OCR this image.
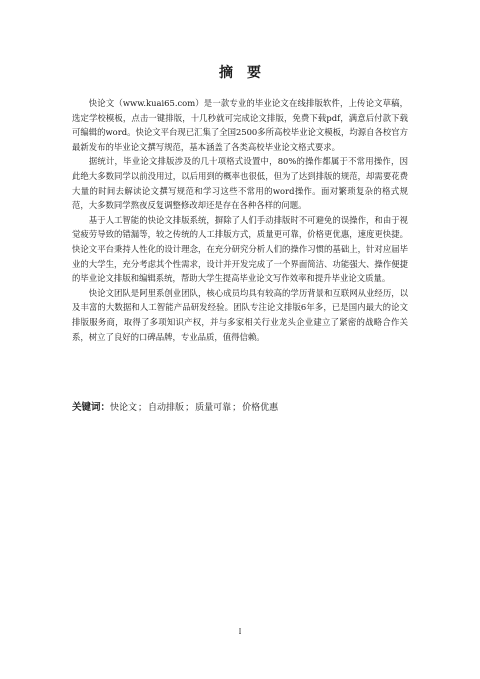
摘要

快论文（www.kuai65.com）是一款专业的毕业论文在线排版软件，上传论文草稿，选定学校模板，点击一键排版，十几秒就可完成论文排版，免费下载pdf，满意后付款下载可编辑的word。快论文平台现已汇集了全国2500多所高校毕业论文模板，均源自各校官方最新发布的毕业论文撰写规范，基本涵盖了各类高校毕业论文格式要求。

据统计，毕业论文排版涉及的几十项格式设置中，80%的操作都属于不常用操作，因此绝大多数同学以前没用过，以后用到的概率也很低，但为了达到排版的规范，却需要花费大量的时间去解读论文撰写规范和学习这些不常用的word操作。面对繁琐复杂的格式规范，大多数同学熬夜反复调整修改却还是存在各种各样的问题。

基于人工智能的快论文排版系统，摒除了人们手动排版时不可避免的误操作，和由于视觉疲劳导致的错漏等，较之传统的人工排版方式，质量更可靠，价格更优惠，速度更快捷。快论文平台秉持人性化的设计理念，在充分研究分析人们的操作习惯的基础上，针对应届毕业的大学生，充分考虑其个性需求，设计并开发完成了一个界面简洁、功能强大、操作便捷的毕业论文排版和编辑系统，帮助大学生提高毕业论文写作效率和提升毕业论文质量。

快论文团队是阿里系创业团队，核心成员均具有较高的学历背景和互联网从业经历，以及丰富的大数据和人工智能产品研发经验。团队专注论文排版6年多，已是国内最大的论文排版服务商，取得了多项知识产权，并与多家相关行业龙头企业建立了紧密的战略合作关系，树立了良好的口碑品牌，专业品质，值得信赖。

关键词：快论文；自动排版；质量可靠；价格优惠
I
